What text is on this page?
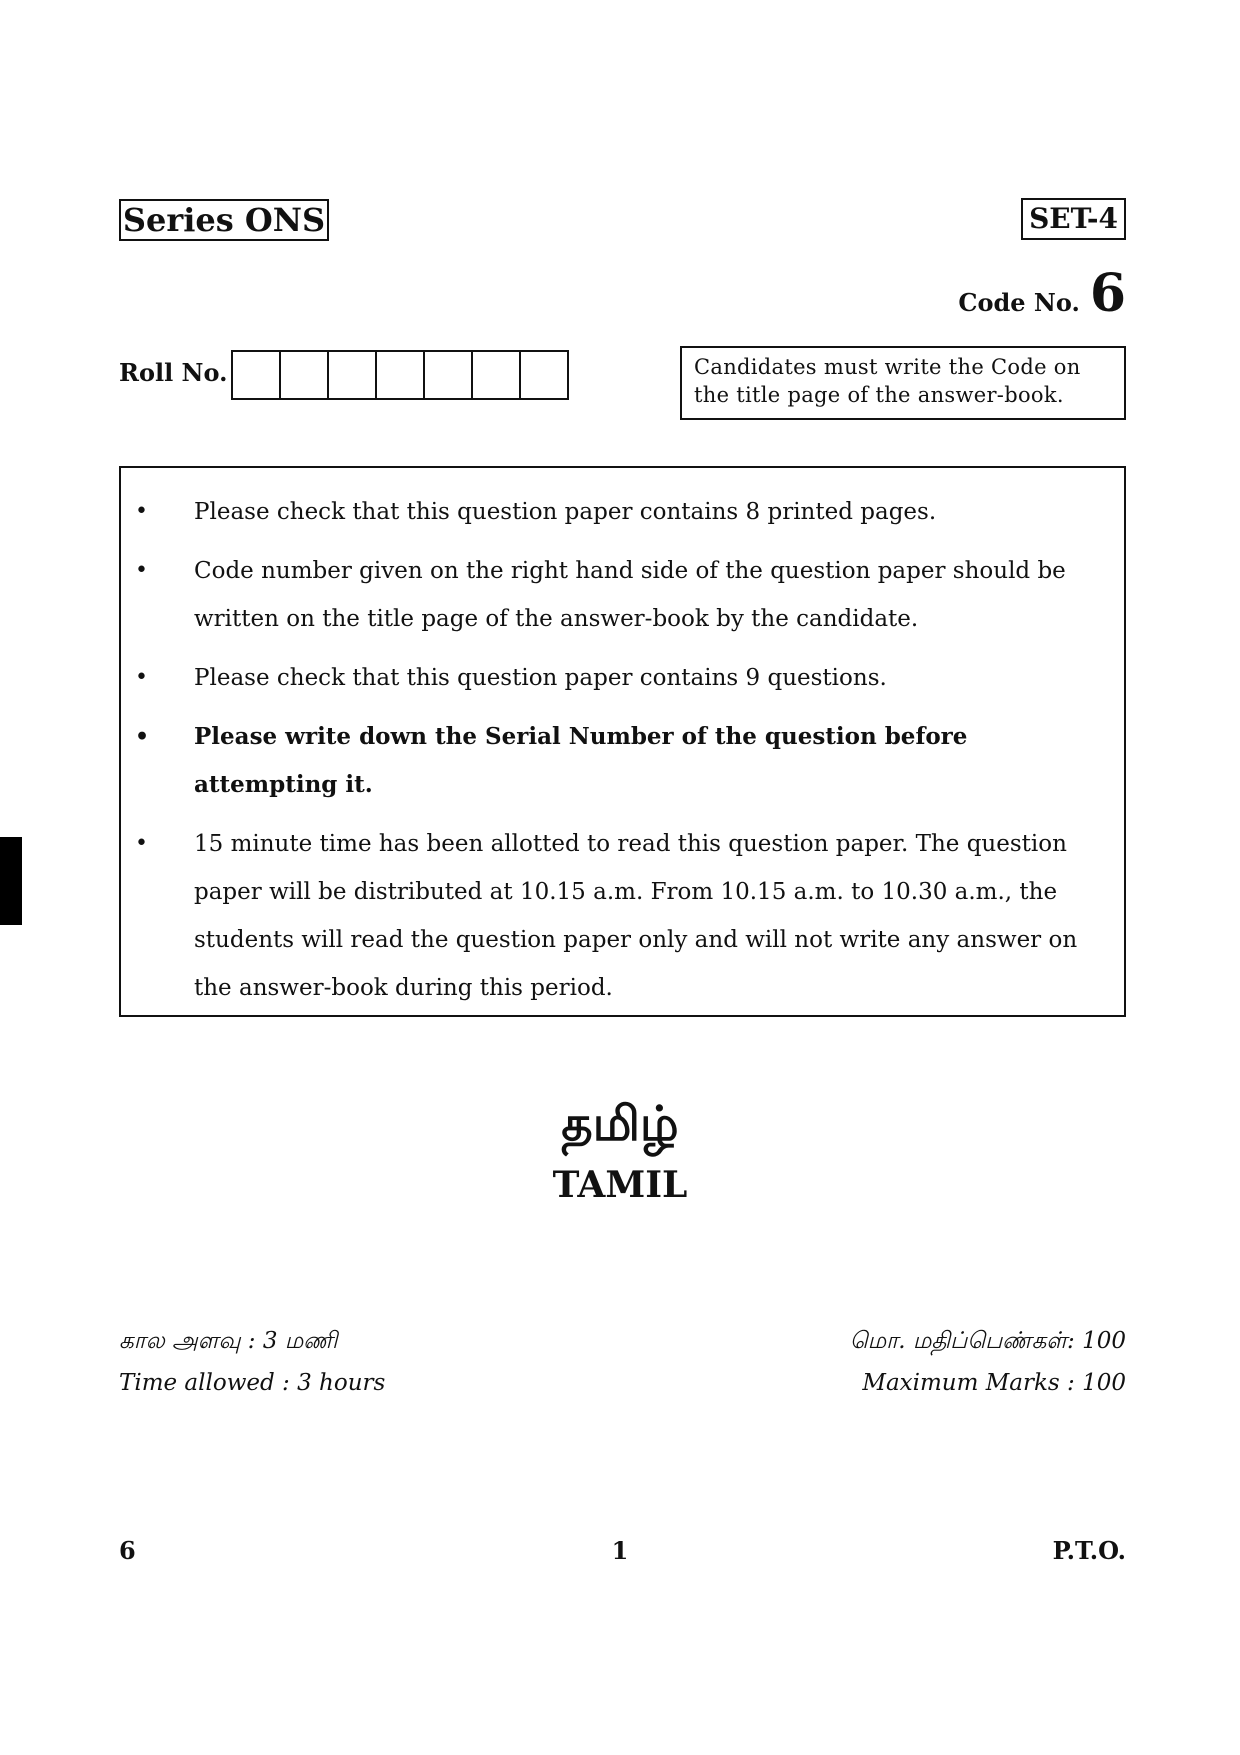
Series ONS	SET-4
Code No. 6
Roll No.	Candidates must write the Code on the title page of the answer-book.
• Please check that this question paper contains 8 printed pages.
• Code number given on the right hand side of the question paper should be written on the title page of the answer-book by the candidate.
• Please check that this question paper contains 9 questions.
• Please write down the Serial Number of the question before attempting it.
• 15 minute time has been allotted to read this question paper. The question paper will be distributed at 10.15 a.m. From 10.15 a.m. to 10.30 a.m., the students will read the question paper only and will not write any answer on the answer-book during this period.
தமிழ்
TAMIL
கால அளவு : 3 மணி
Time allowed : 3 hours
மொ. மதிப்பெண்கள்: 100
Maximum Marks : 100
6	1	P.T.O.
